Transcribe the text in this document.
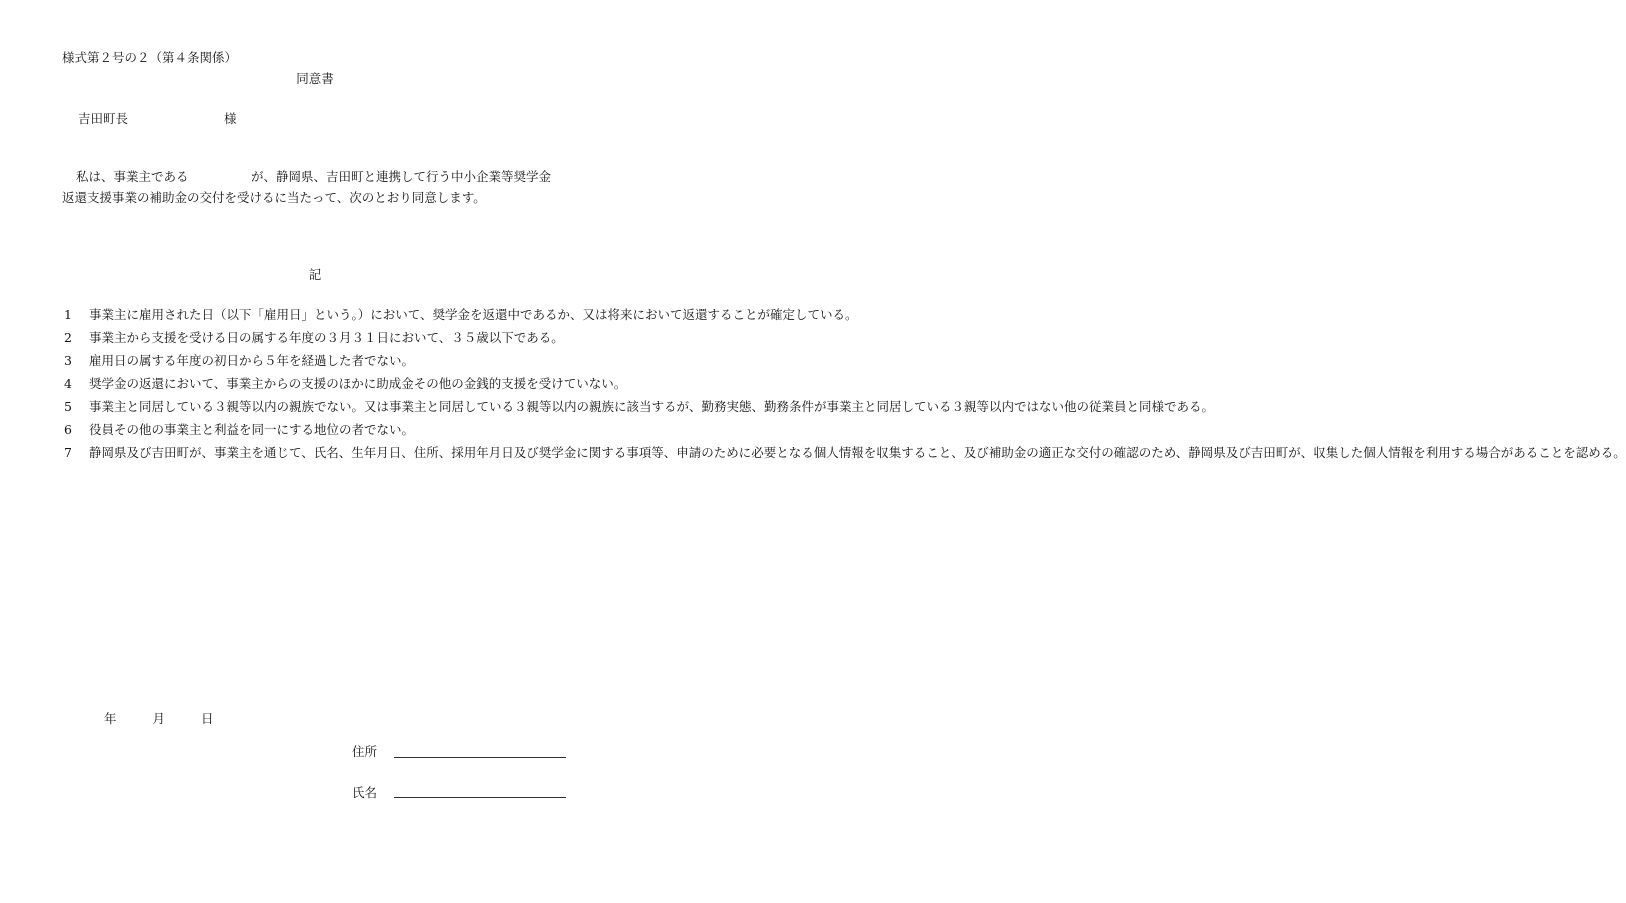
様式第２号の２（第４条関係）
同意書
吉田町長	様
私は、事業主である　　　　　が、静岡県、吉田町と連携して行う中小企業等奨学金
返還支援事業の補助金の交付を受けるに当たって、次のとおり同意します。
記
1	事業主に雇用された日（以下「雇用日」という。）において、奨学金を返還中であるか、又は将来において返還することが確定している。
2	事業主から支援を受ける日の属する年度の３月３１日において、３５歳以下である。
3	雇用日の属する年度の初日から５年を経過した者でない。
4	奨学金の返還において、事業主からの支援のほかに助成金その他の金銭的支援を受けていない。
5	事業主と同居している３親等以内の親族でない。又は事業主と同居している３親等以内の親族に該当するが、勤務実態、勤務条件が事業主と同居している３親等以内ではない他の従業員と同様である。
6	役員その他の事業主と利益を同一にする地位の者でない。
7	静岡県及び吉田町が、事業主を通じて、氏名、生年月日、住所、採用年月日及び奨学金に関する事項等、申請のために必要となる個人情報を収集すること、及び補助金の適正な交付の確認のため、静岡県及び吉田町が、収集した個人情報を利用する場合があることを認める。
年	月	日
住所
氏名
